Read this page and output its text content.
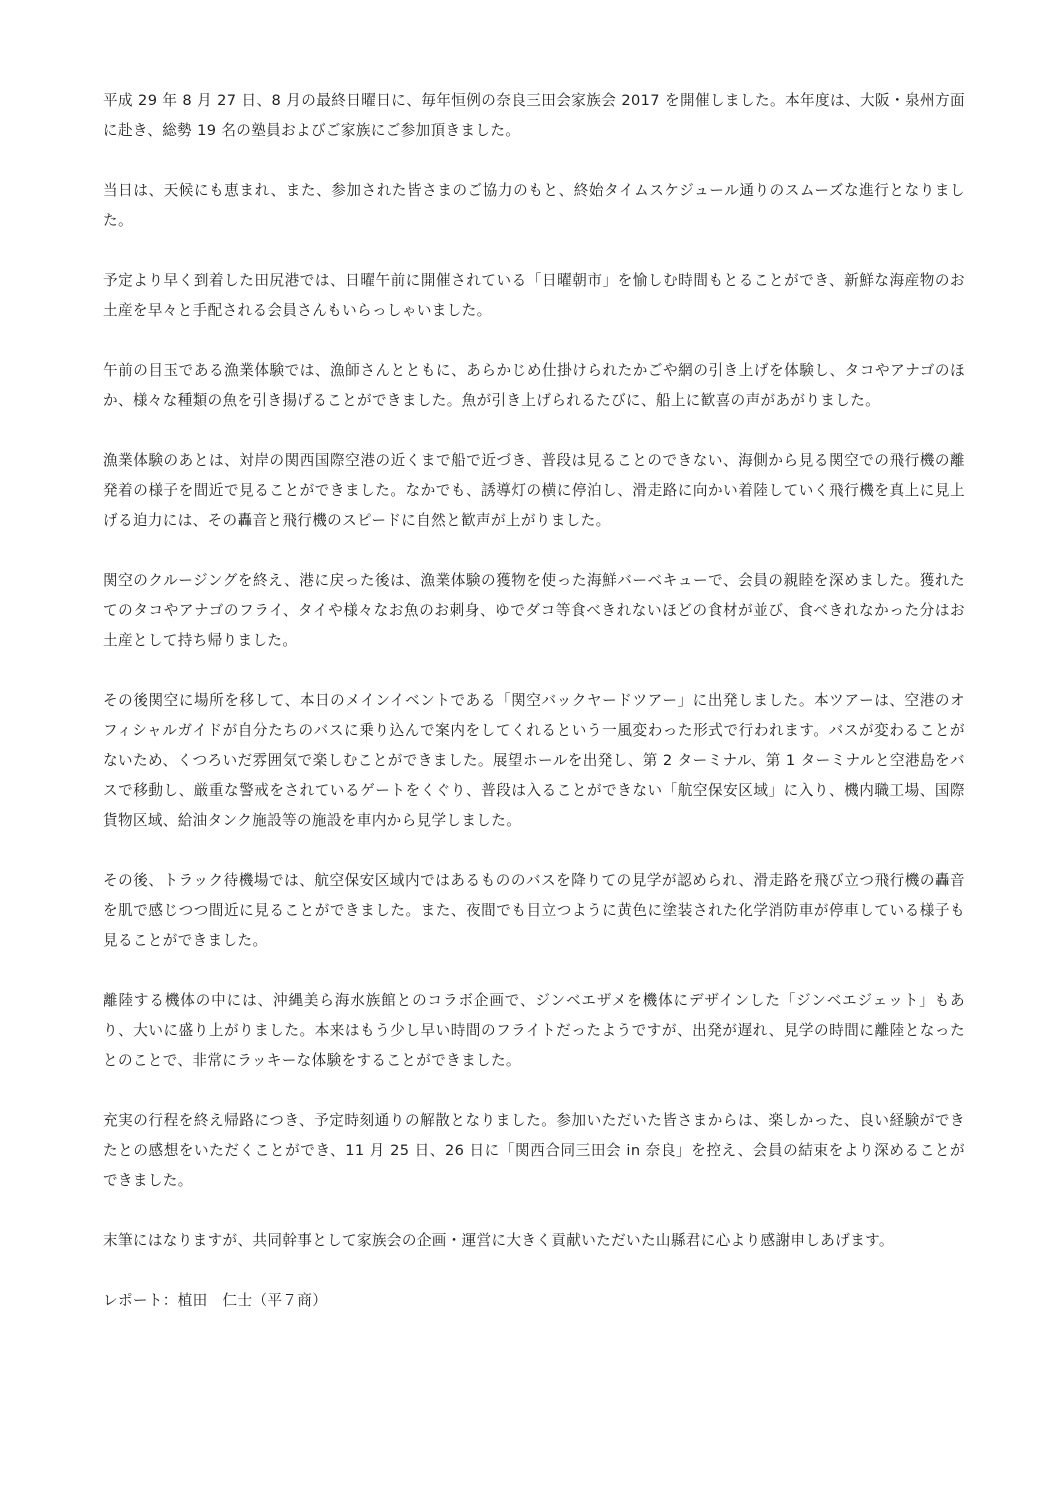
平成 29 年 8 月 27 日、8 月の最終日曜日に、毎年恒例の奈良三田会家族会 2017 を開催しました。本年度は、大阪・泉州方面に赴き、総勢 19 名の塾員およびご家族にご参加頂きました。

当日は、天候にも恵まれ、また、参加された皆さまのご協力のもと、終始タイムスケジュール通りのスムーズな進行となりました。

予定より早く到着した田尻港では、日曜午前に開催されている「日曜朝市」を愉しむ時間もとることができ、新鮮な海産物のお土産を早々と手配される会員さんもいらっしゃいました。

午前の目玉である漁業体験では、漁師さんとともに、あらかじめ仕掛けられたかごや網の引き上げを体験し、タコやアナゴのほか、様々な種類の魚を引き揚げることができました。魚が引き上げられるたびに、船上に歓喜の声があがりました。

漁業体験のあとは、対岸の関西国際空港の近くまで船で近づき、普段は見ることのできない、海側から見る関空での飛行機の離発着の様子を間近で見ることができました。なかでも、誘導灯の横に停泊し、滑走路に向かい着陸していく飛行機を真上に見上げる迫力には、その轟音と飛行機のスピードに自然と歓声が上がりました。

関空のクルージングを終え、港に戻った後は、漁業体験の獲物を使った海鮮バーベキューで、会員の親睦を深めました。獲れたてのタコやアナゴのフライ、タイや様々なお魚のお刺身、ゆでダコ等食べきれないほどの食材が並び、食べきれなかった分はお土産として持ち帰りました。

その後関空に場所を移して、本日のメインイベントである「関空バックヤードツアー」に出発しました。本ツアーは、空港のオフィシャルガイドが自分たちのバスに乗り込んで案内をしてくれるという一風変わった形式で行われます。バスが変わることがないため、くつろいだ雰囲気で楽しむことができました。展望ホールを出発し、第 2 ターミナル、第 1 ターミナルと空港島をバスで移動し、厳重な警戒をされているゲートをくぐり、普段は入ることができない「航空保安区域」に入り、機内職工場、国際貨物区域、給油タンク施設等の施設を車内から見学しました。

その後、トラック待機場では、航空保安区域内ではあるもののバスを降りての見学が認められ、滑走路を飛び立つ飛行機の轟音を肌で感じつつ間近に見ることができました。また、夜間でも目立つように黄色に塗装された化学消防車が停車している様子も見ることができました。

離陸する機体の中には、沖縄美ら海水族館とのコラボ企画で、ジンベエザメを機体にデザインした「ジンベエジェット」もあり、大いに盛り上がりました。本来はもう少し早い時間のフライトだったようですが、出発が遅れ、見学の時間に離陸となったとのことで、非常にラッキーな体験をすることができました。

充実の行程を終え帰路につき、予定時刻通りの解散となりました。参加いただいた皆さまからは、楽しかった、良い経験ができたとの感想をいただくことができ、11 月 25 日、26 日に「関西合同三田会 in 奈良」を控え、会員の結束をより深めることができました。

末筆にはなりますが、共同幹事として家族会の企画・運営に大きく貢献いただいた山縣君に心より感謝申しあげます。

レポート：植田　仁士（平７商）
